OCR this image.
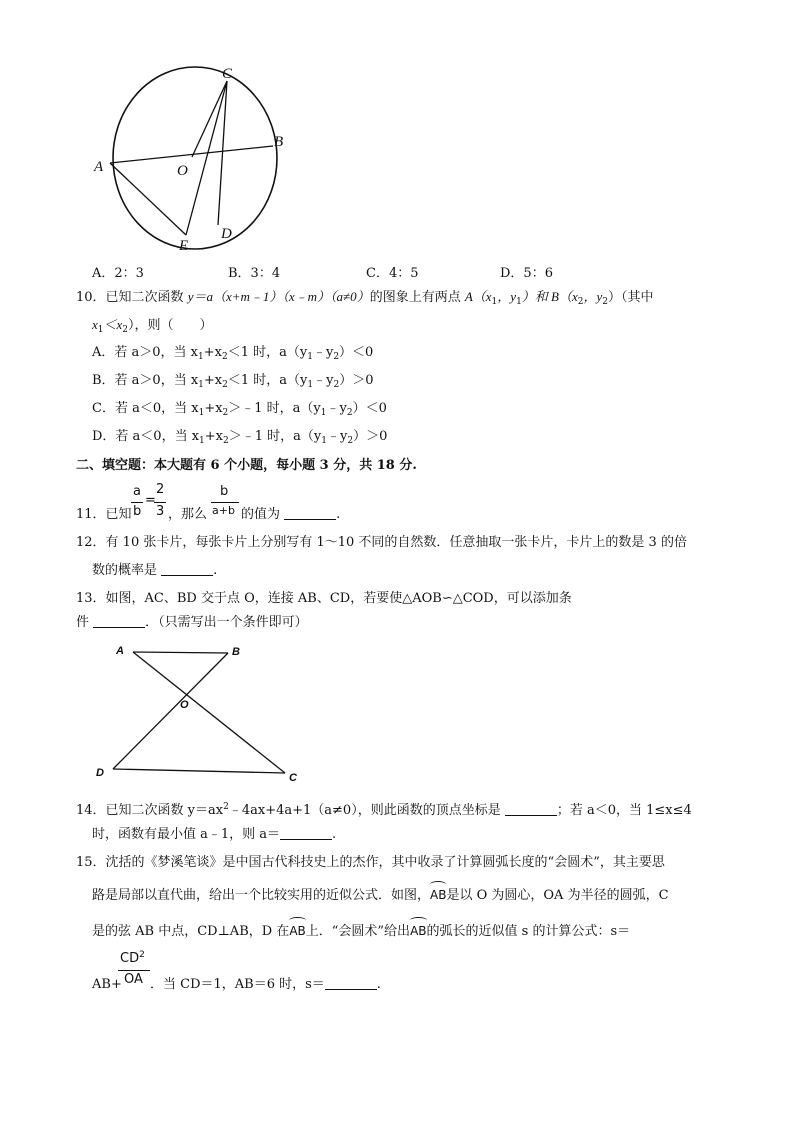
C
B
A	O
E
D
A．2：3	B．3：4	C．4：5	D．5：6
10．已知二次函数 y＝a（x+m﹣1）（x﹣m）（a≠0）的图象上有两点 $A(x_1$，$y_1$）和 $B(x_2$，$y_2$）（其中
$x_1<x_2$），则（　　）
A．若 a＞0，当 $x_1+x_2<1$ 时，$a(y_1﹣y_2)<0$
B．若 a＞0，当 $x_1+x_2<1$ 时，$a(y_1﹣y_2)>0$
C．若 a＜0，当 $x_1+x_2>﹣1$ 时，$a(y_1﹣y_2)<0$
D．若 a＜0，当 $x_1+x_2>﹣1$ 时，$a(y_1﹣y_2)>0$
二、填空题：本大题有 6 个小题，每小题 3 分，共 18 分.
11．已知
a
b
=
2
3 ，那么
b
a+b 的值为	.
12．有 10 张卡片，每张卡片上分别写有 1～10 不同的自然数．任意抽取一张卡片，卡片上的数是 3 的倍
数的概率是	.
13．如图，AC、BD 交于点 O，连接 AB、CD，若要使△AOB∽△COD，可以添加条
件	．（只需写出一个条件即可）
A	B
O
D	C
14．已知二次函数 $y=ax^2﹣4ax+4a+1(a\ne 0)$，则此函数的顶点坐标是	；若 a＜0，当 1≤x≤4
时，函数有最小值 a﹣1，则 a＝	.
15．沈括的《梦溪笔谈》是中国古代科技史上的杰作，其中收录了计算圆弧长度的“会圆术”，其主要思
路是局部以直代曲，给出一个比较实用的近似公式．如图，AB是以 O 为圆心，OA 为半径的圆弧，C
是的弦 AB 中点，CD⊥AB，D 在AB上．“会圆术”给出AB的弧长的近似值 s 的计算公式：s＝
AB+
$CD^2$
OA ．当 CD＝1，AB＝6 时，s＝	.
